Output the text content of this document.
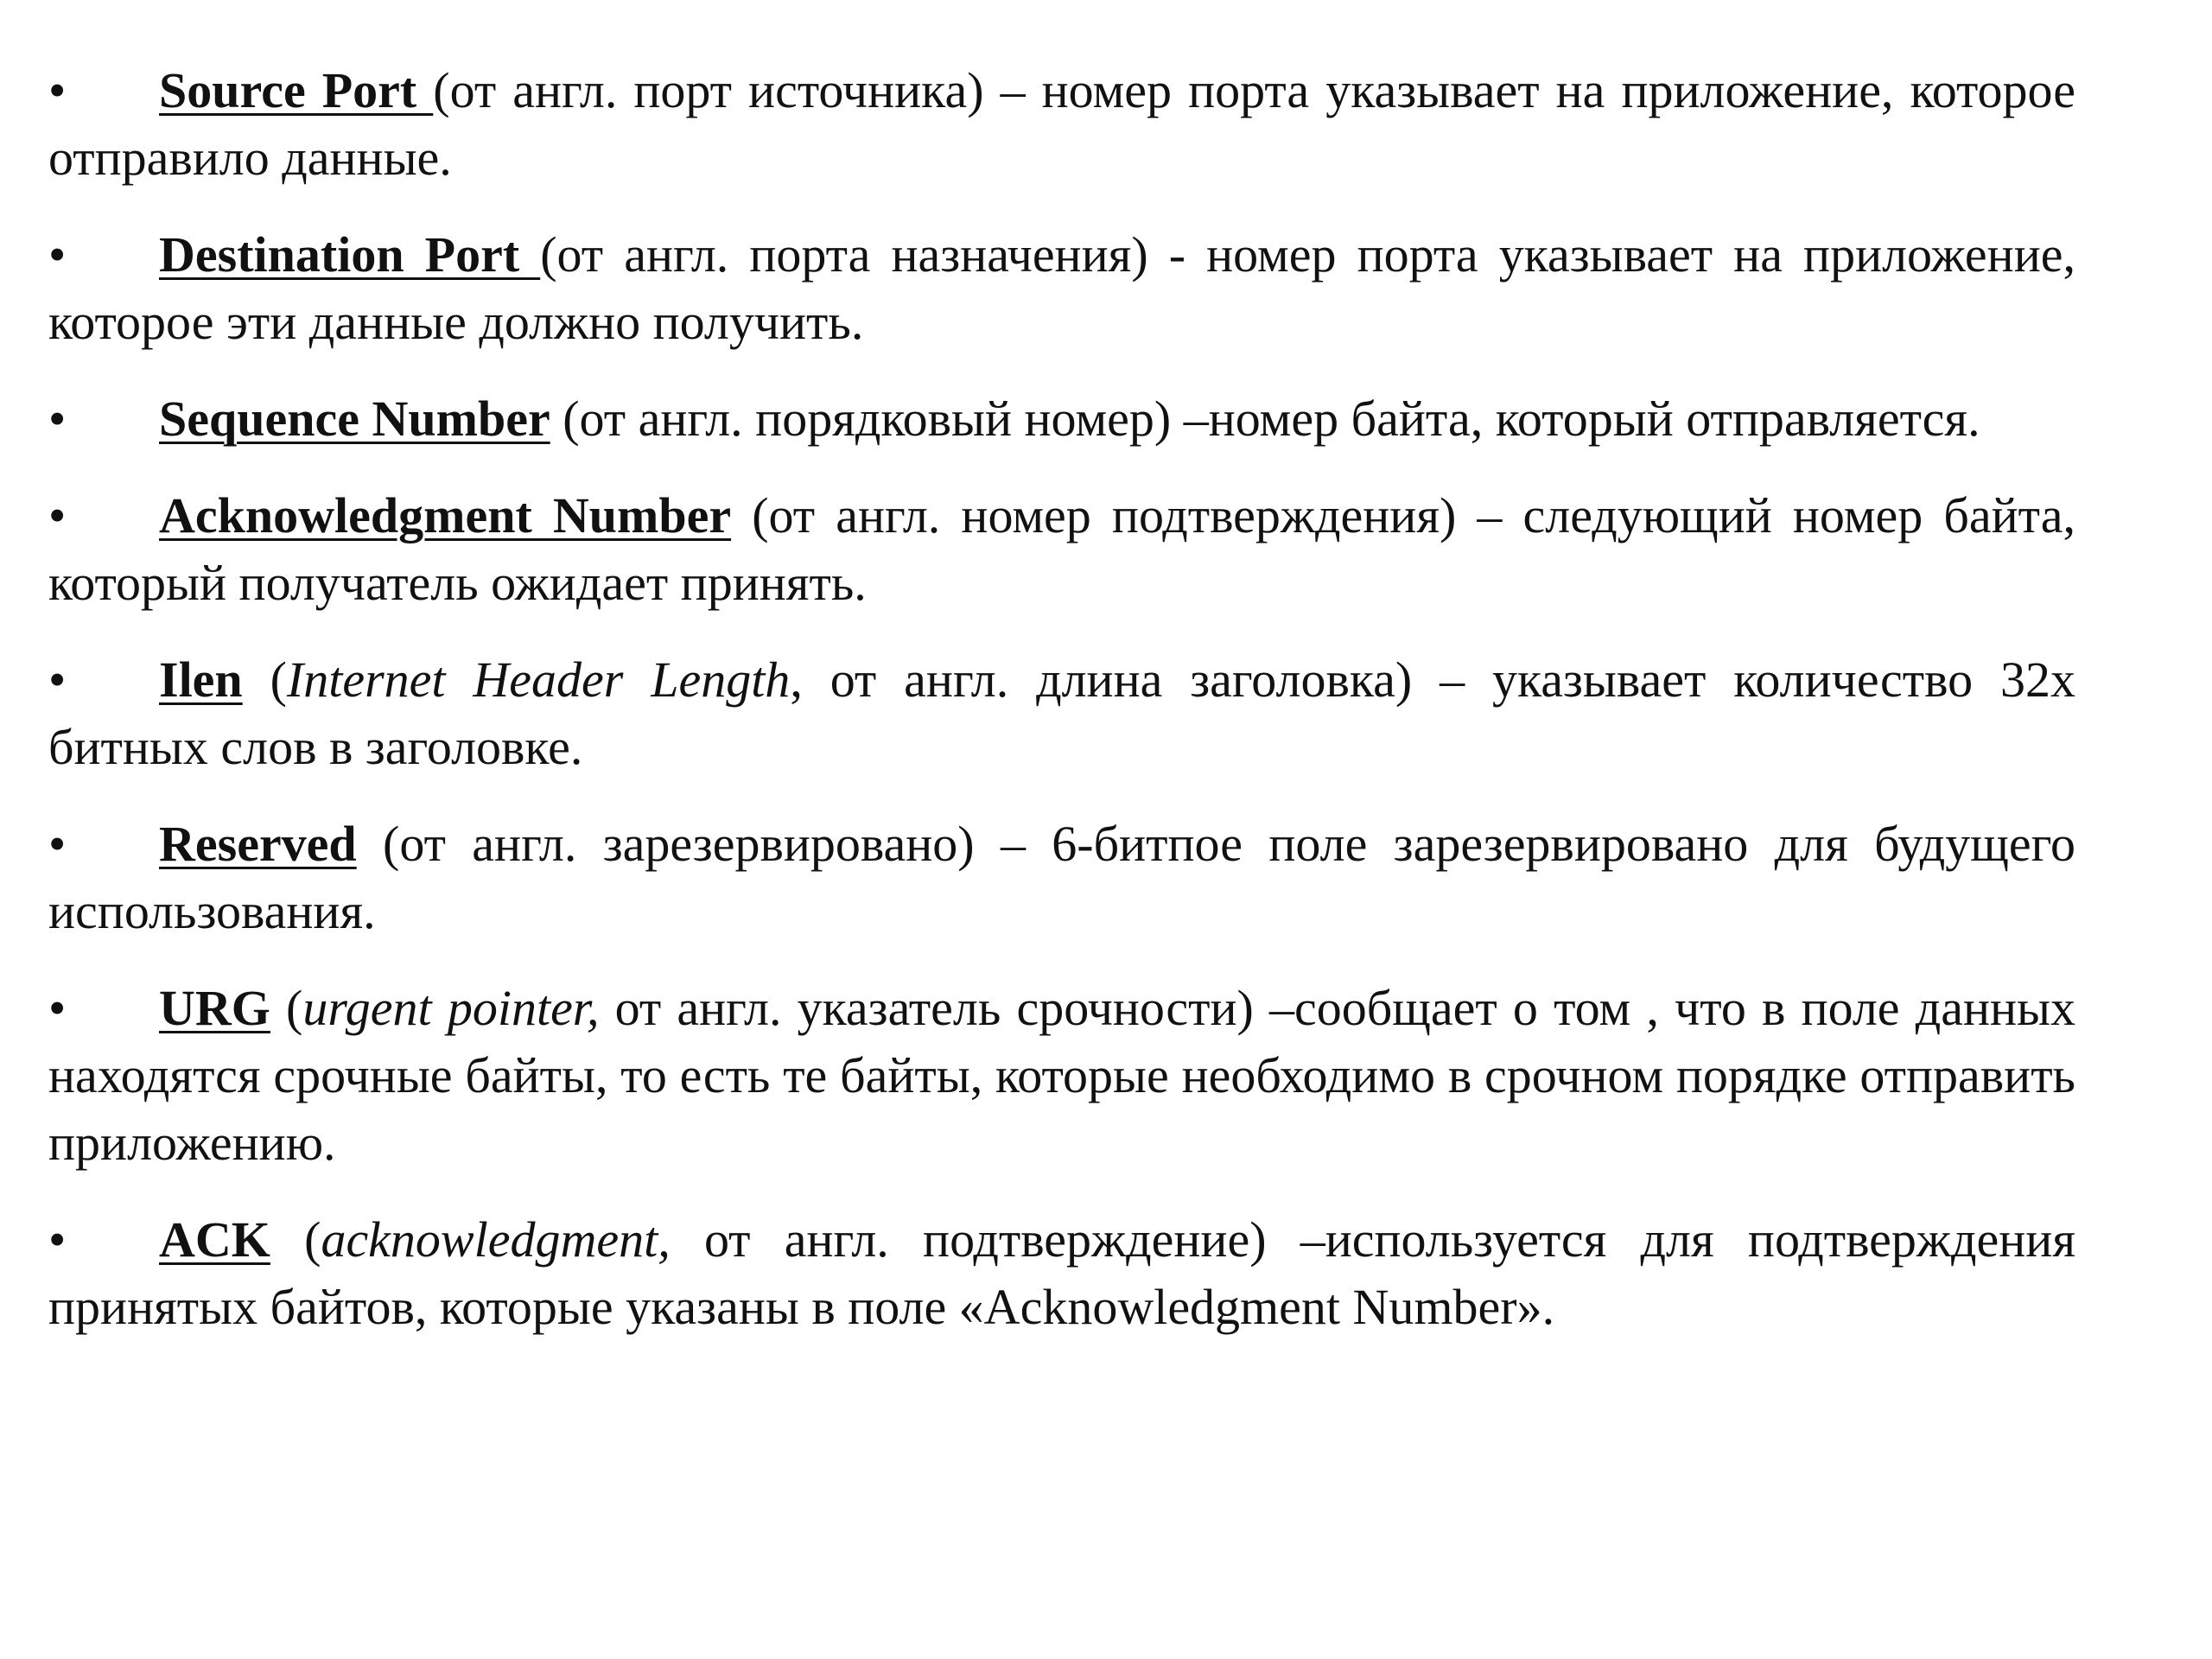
• Source Port (от англ. порт источника) – номер порта указывает на приложение, которое отправило данные.

• Destination Port (от англ. порта назначения) - номер порта указывает на приложение, которое эти данные должно получить.

• Sequence Number (от англ. порядковый номер) –номер байта, который отправляется.

• Acknowledgment Number (от англ. номер подтверждения) – следующий номер байта, который получатель ожидает принять.

• Ilen (Internet Header Length, от англ. длина заголовка) – указывает количество 32х битных слов в заголовке.

• Reserved (от англ. зарезервировано) – 6-битпое поле зарезервировано для будущего использования.

• URG (urgent pointer, от англ. указатель срочности) –сообщает о том , что в поле данных находятся срочные байты, то есть те байты, которые необходимо в срочном порядке отправить приложению.

• ACK (acknowledgment, от англ. подтверждение) –используется для подтверждения принятых байтов, которые указаны в поле «Acknowledgment Number».
